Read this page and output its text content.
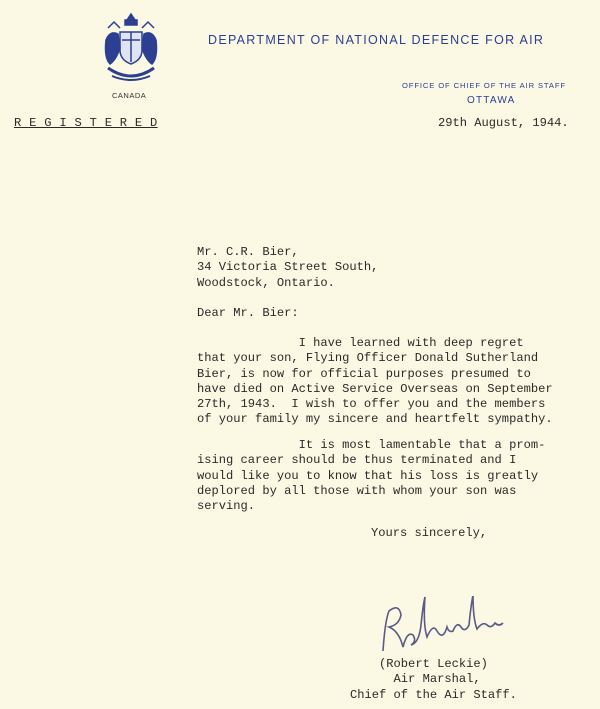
DEPARTMENT OF NATIONAL DEFENCE FOR AIR
CANADA
OFFICE OF CHIEF OF THE AIR STAFF
OTTAWA
R E G I S T E R E D	29th August, 1944.
Mr. C.R. Bier,
34 Victoria Street South,
Woodstock, Ontario.
Dear Mr. Bier:
I have learned with deep regret
that your son, Flying Officer Donald Sutherland
Bier, is now for official purposes presumed to
have died on Active Service Overseas on September
27th, 1943.  I wish to offer you and the members
of your family my sincere and heartfelt sympathy.
It is most lamentable that a prom-
ising career should be thus terminated and I
would like you to know that his loss is greatly
deplored by all those with whom your son was
serving.
Yours sincerely,
(Robert Leckie)
Air Marshal,
Chief of the Air Staff.
